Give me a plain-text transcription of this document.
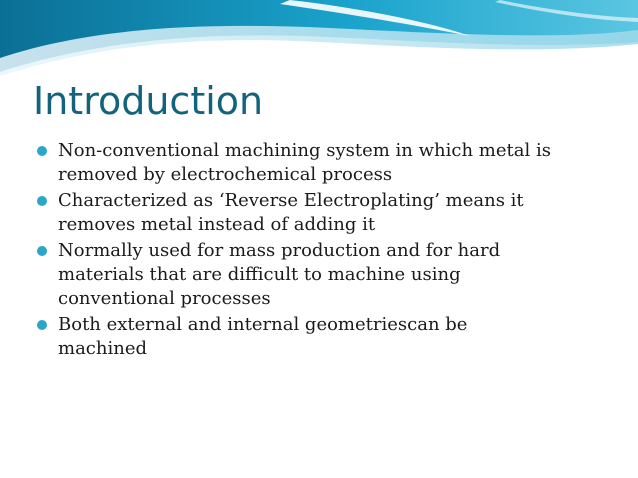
Introduction
Non-conventional machining system in which metal is
removed by electrochemical process
Characterized as ‘Reverse Electroplating’ means it
removes metal instead of adding it
Normally used for mass production and for hard
materials that are difficult to machine using
conventional processes
Both external and internal geometriescan be
machined
